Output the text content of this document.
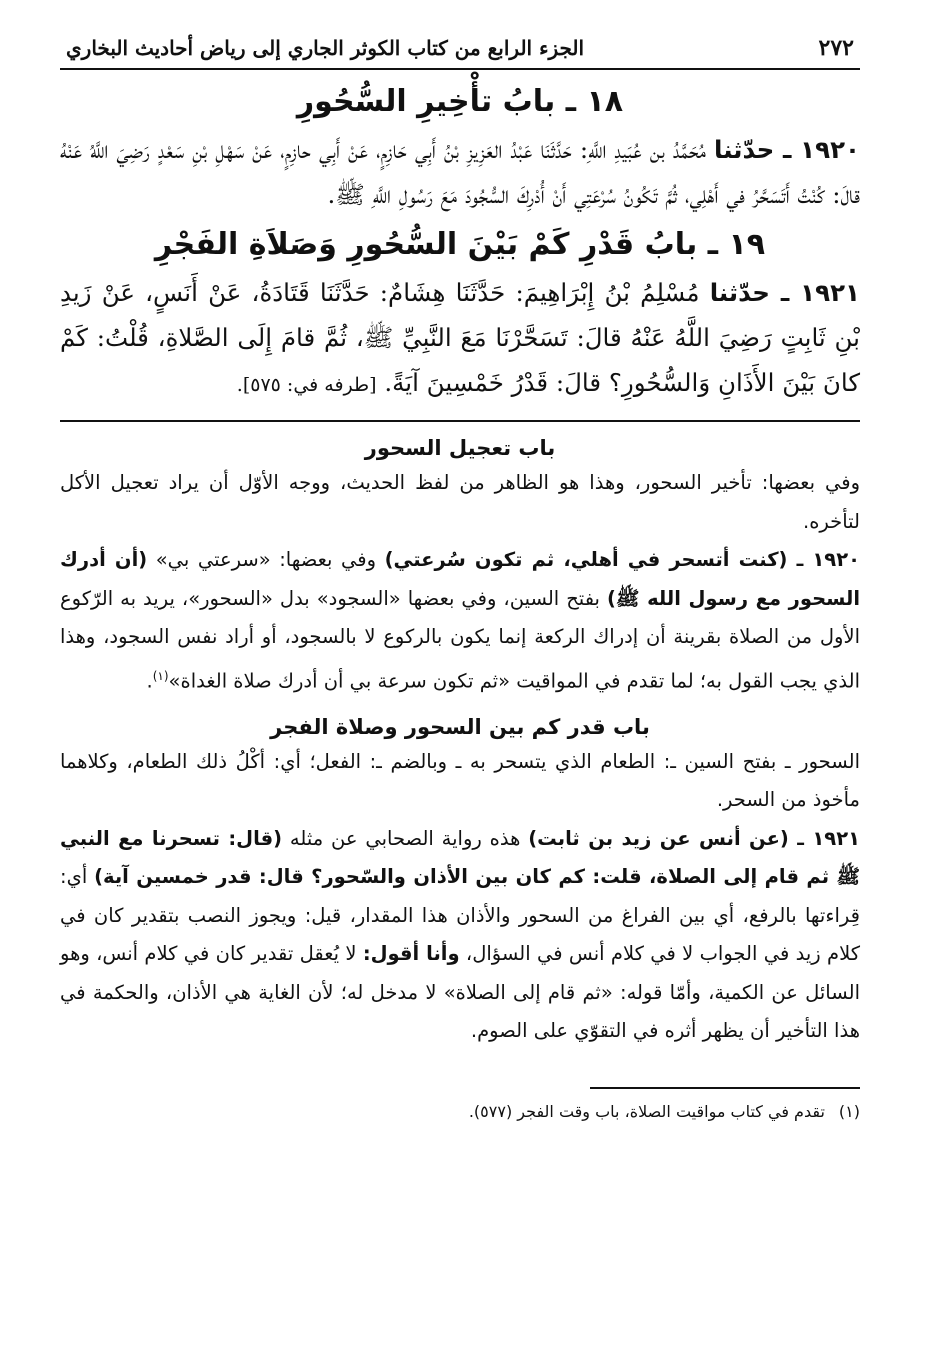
٢٧٢
الجزء الرابع من كتاب الكوثر الجاري إلى رياض أحاديث البخاري
١٨ ـ بابُ تأْخِيرِ السُّحُورِ

١٩٢٠ ـ حدّثنا مُحَمَّدُ بن عُبَيدِ اللَّهِ: حَدَّثَنَا عَبْدُ العَزِيزِ بْنُ أَبِي حَازِمٍ، عَنْ أَبِي حازِمٍ، عَنْ سَهْلِ بْنِ سَعْدٍ رَضِيَ اللَّهُ عَنْهُ قالَ: كُنْتُ أَتَسَحَّرُ في أَهْلِي، ثُمَّ تَكُونُ سُرْعَتِي أَنْ أُدْرِكَ السُّجُودَ مَعَ رَسُولِ اللَّهِ ﷺ.

١٩ ـ بابُ قَدْرِ كَمْ بَيْنَ السُّحُورِ وَصَلاَةِ الفَجْرِ

١٩٢١ ـ حدّثنا مُسْلِمُ بْنُ إِبْرَاهِيمَ: حَدَّثَنَا هِشَامٌ: حَدَّثَنَا قَتَادَةُ، عَنْ أَنَسٍ، عَنْ زَيدِ بْنِ ثَابِتٍ رَضِيَ اللَّهُ عَنْهُ قالَ: تَسَحَّرْنَا مَعَ النَّبِيِّ ﷺ، ثُمَّ قامَ إِلَى الصَّلاةِ، قُلْتُ: كَمْ كانَ بَيْنَ الأَذَانِ وَالسُّحُورِ؟ قالَ: قَدْرُ خَمْسِينَ آيَةً. [طرفه في: ٥٧٥].

باب تعجيل السحور

وفي بعضها: تأخير السحور، وهذا هو الظاهر من لفظ الحديث، ووجه الأوّل أن يراد تعجيل الأكل لتأخره.

١٩٢٠ ـ (كنت أتسحر في أهلي، ثم تكون سُرعتي) وفي بعضها: «سرعتي بي» (أن أدرك السحور مع رسول الله ﷺ) بفتح السين، وفي بعضها «السجود» بدل «السحور»، يريد به الرّكوع الأول من الصلاة بقرينة أن إدراك الركعة إنما يكون بالركوع لا بالسجود، أو أراد نفس السجود، وهذا الذي يجب القول به؛ لما تقدم في المواقيت «ثم تكون سرعة بي أن أدرك صلاة الغداة»$^{(١)}$.

باب قدر كم بين السحور وصلاة الفجر

السحور ـ بفتح السين ـ: الطعام الذي يتسحر به ـ وبالضم ـ: الفعل؛ أي: أكْلُ ذلك الطعام، وكلاهما مأخوذ من السحر.

١٩٢١ ـ (عن أنس عن زيد بن ثابت) هذه رواية الصحابي عن مثله (قال: تسحرنا مع النبي ﷺ ثم قام إلى الصلاة، قلت: كم كان بين الأذان والسّحور؟ قال: قدر خمسين آية) أي: قِراءتها بالرفع، أي بين الفراغ من السحور والأذان هذا المقدار، قيل: ويجوز النصب بتقدير كان في كلام زيد في الجواب لا في كلام أنس في السؤال، وأنا أقول: لا يُعقل تقدير كان في كلام أنس، وهو السائل عن الكمية، وأمّا قوله: «ثم قام إلى الصلاة» لا مدخل له؛ لأن الغاية هي الأذان، والحكمة في هذا التأخير أن يظهر أثره في التقوّي على الصوم.

(١)تقدم في كتاب مواقيت الصلاة، باب وقت الفجر (٥٧٧).
